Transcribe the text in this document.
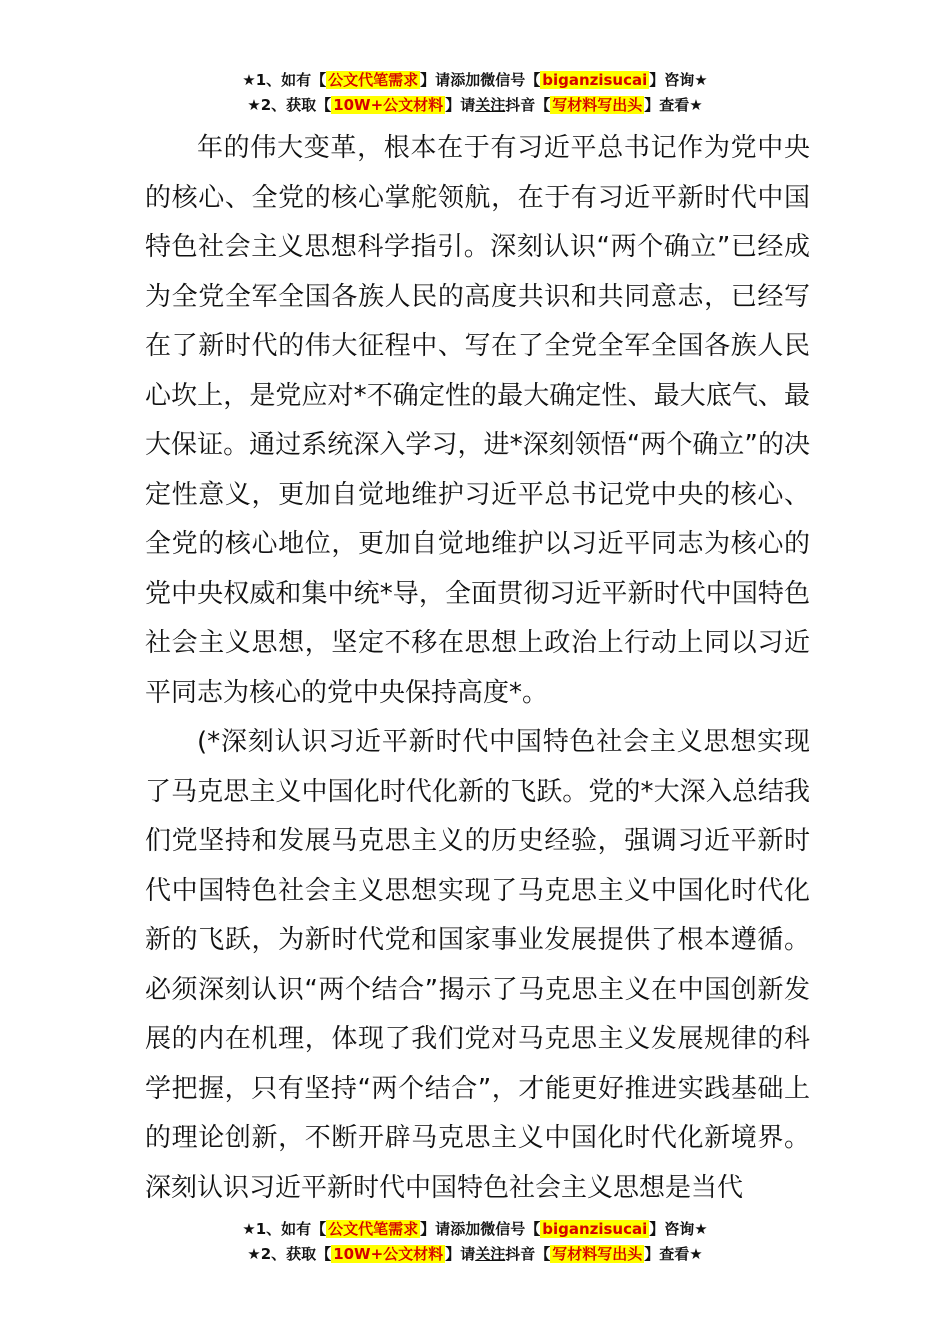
★1、如有【 公文代笔需求 】请添加微信号【 biganzisucai 】咨询★
★2、获取【 10W+公文材料 】请关注抖音【 写材料写出头 】查看★

年的伟大变革，根本在于有习近平总书记作为党中央的核心、全党的核心掌舵领航，在于有习近平新时代中国特色社会主义思想科学指引。深刻认识“两个确立”已经成为全党全军全国各族人民的高度共识和共同意志，已经写在了新时代的伟大征程中、写在了全党全军全国各族人民心坎上，是党应对*不确定性的最大确定性、最大底气、最大保证。通过系统深入学习，进*深刻领悟“两个确立”的决定性意义，更加自觉地维护习近平总书记党中央的核心、全党的核心地位，更加自觉地维护以习近平同志为核心的党中央权威和集中统*导，全面贯彻习近平新时代中国特色社会主义思想，坚定不移在思想上政治上行动上同以习近平同志为核心的党中央保持高度*。

(*深刻认识习近平新时代中国特色社会主义思想实现了马克思主义中国化时代化新的飞跃。党的*大深入总结我们党坚持和发展马克思主义的历史经验，强调习近平新时代中国特色社会主义思想实现了马克思主义中国化时代化新的飞跃，为新时代党和国家事业发展提供了根本遵循。必须深刻认识“两个结合”揭示了马克思主义在中国创新发展的内在机理，体现了我们党对马克思主义发展规律的科学把握，只有坚持“两个结合”，才能更好推进实践基础上的理论创新，不断开辟马克思主义中国化时代化新境界。深刻认识习近平新时代中国特色社会主义思想是当代

★1、如有【 公文代笔需求 】请添加微信号【 biganzisucai 】咨询★
★2、获取【 10W+公文材料 】请关注抖音【 写材料写出头 】查看★
